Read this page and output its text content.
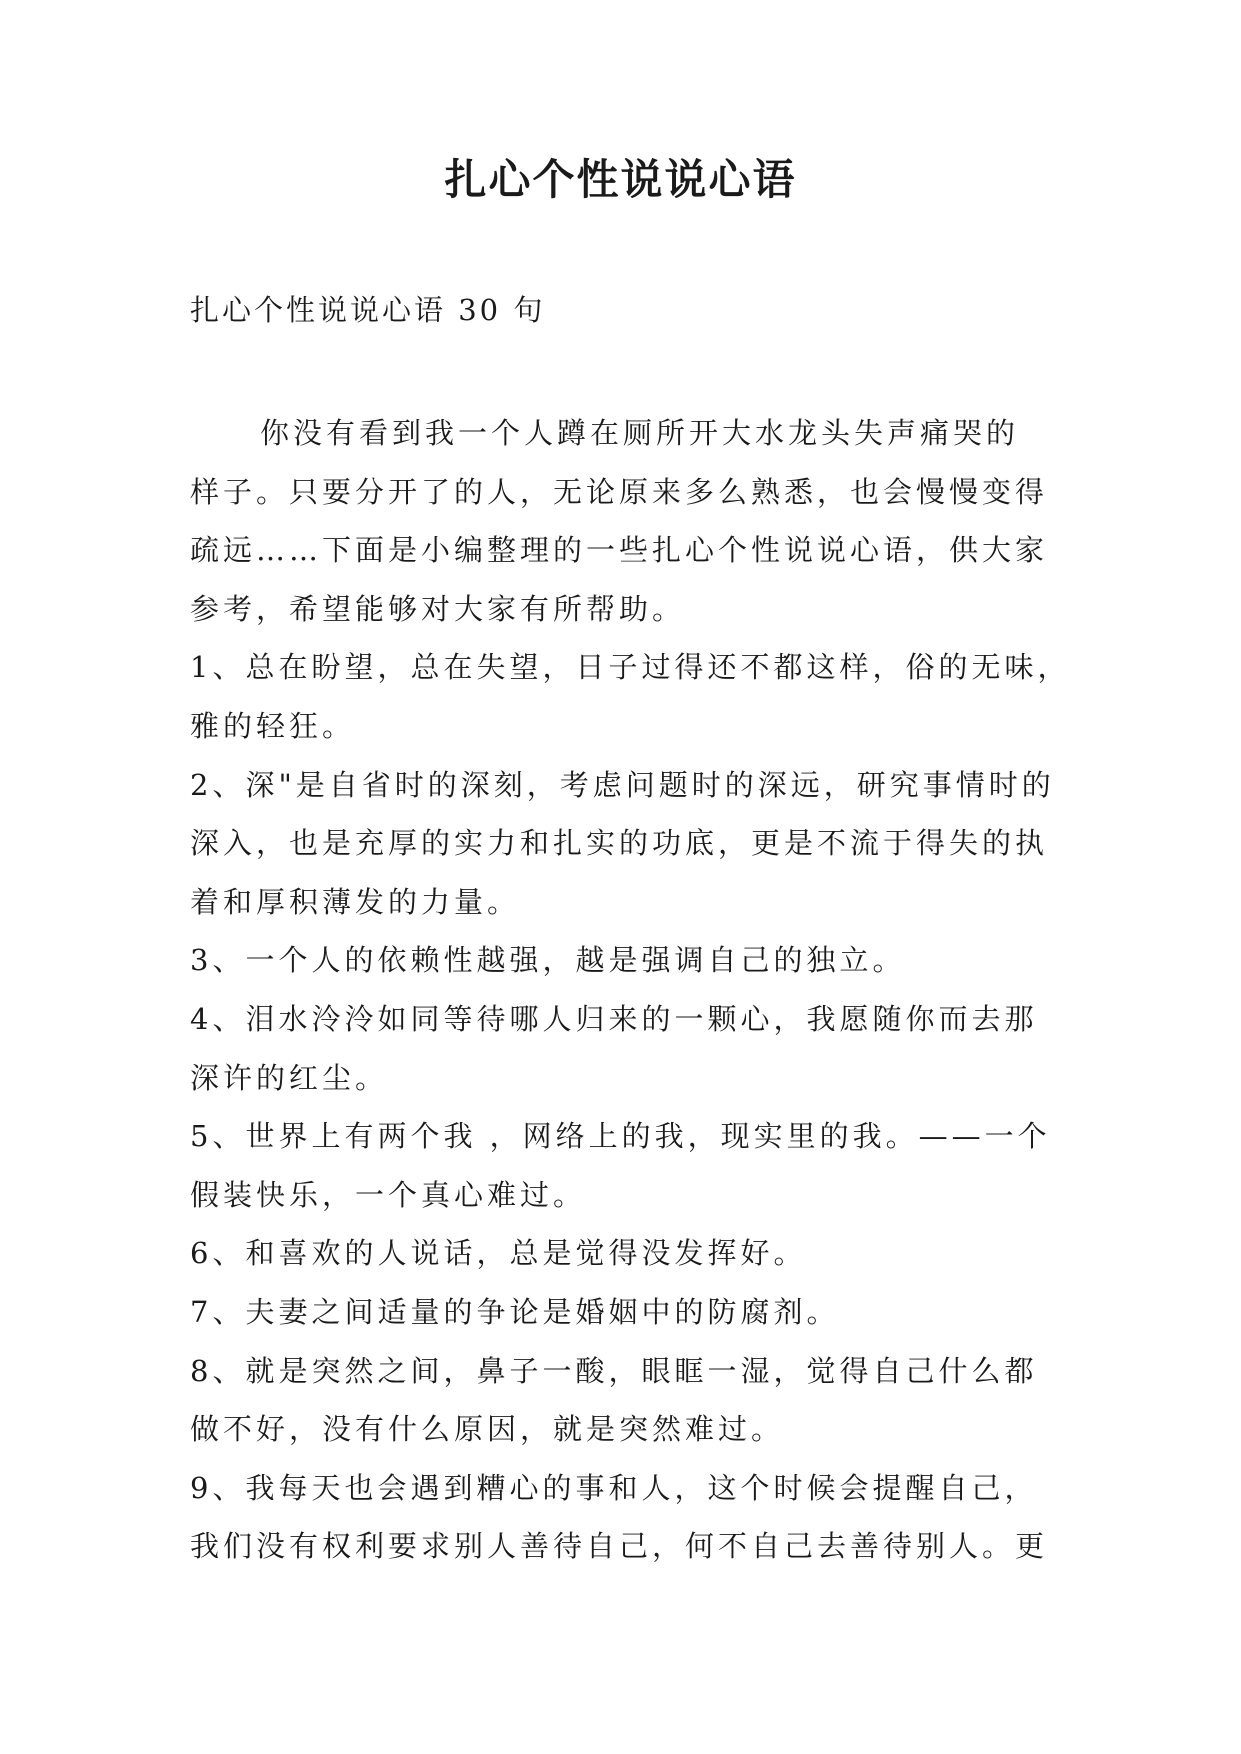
扎心个性说说心语
扎心个性说说心语 30 句
你没有看到我一个人蹲在厕所开大水龙头失声痛哭的
样子。只要分开了的人，无论原来多么熟悉，也会慢慢变得
疏远……下面是小编整理的一些扎心个性说说心语，供大家
参考，希望能够对大家有所帮助。
1、总在盼望，总在失望，日子过得还不都这样，俗的无味，
雅的轻狂。
2、深"是自省时的深刻，考虑问题时的深远，研究事情时的
深入，也是充厚的实力和扎实的功底，更是不流于得失的执
着和厚积薄发的力量。
3、一个人的依赖性越强，越是强调自己的独立。
4、泪水泠泠如同等待哪人归来的一颗心，我愿随你而去那
深许的红尘。
5、世界上有两个我 ，网络上的我，现实里的我。——一个
假装快乐，一个真心难过。
6、和喜欢的人说话，总是觉得没发挥好。
7、夫妻之间适量的争论是婚姻中的防腐剂。
8、就是突然之间，鼻子一酸，眼眶一湿，觉得自己什么都
做不好，没有什么原因，就是突然难过。
9、我每天也会遇到糟心的事和人，这个时候会提醒自己，
我们没有权利要求别人善待自己，何不自己去善待别人。更
